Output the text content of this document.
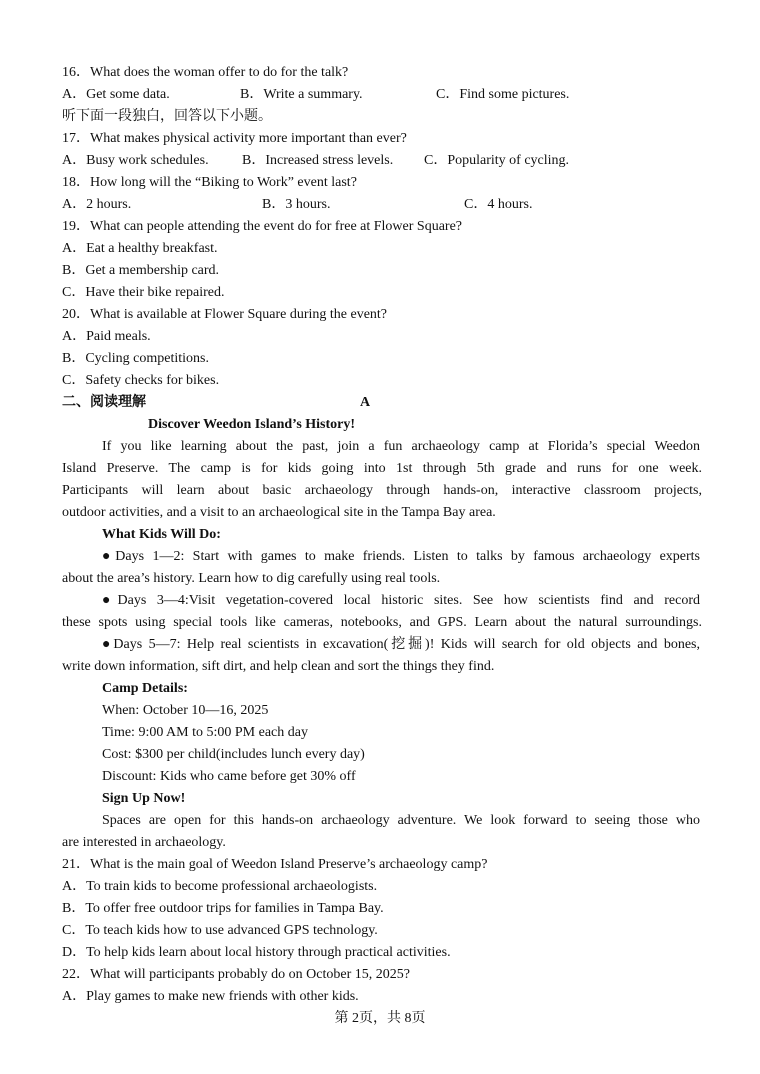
16．What does the woman offer to do for the talk?
A．Get some data.	B．Write a summary.	C．Find some pictures.
听下面一段独白，回答以下小题。
17．What makes physical activity more important than ever?
A．Busy work schedules. B．Increased stress levels. C．Popularity of cycling.
18．How long will the “Biking to Work” event last?
A．2 hours.	B．3 hours.	C．4 hours.
19．What can people attending the event do for free at Flower Square?
A．Eat a healthy breakfast.
B．Get a membership card.
C．Have their bike repaired.
20．What is available at Flower Square during the event?
A．Paid meals.
B．Cycling competitions.
C．Safety checks for bikes.
二、阅读理解	A
Discover Weedon Island’s History!
If you like learning about the past, join a fun archaeology camp at Florida’s special Weedon
Island Preserve. The camp is for kids going into 1st through 5th grade and runs for one week.
Participants will learn about basic archaeology through hands-on, interactive classroom projects,
outdoor activities, and a visit to an archaeological site in the Tampa Bay area.
What Kids Will Do:
●Days 1—2: Start with games to make friends. Listen to talks by famous archaeology experts
about the area’s history. Learn how to dig carefully using real tools.
●Days 3—4:Visit vegetation-covered local historic sites. See how scientists find and record
these spots using special tools like cameras, notebooks, and GPS. Learn about the natural surroundings.
●Days 5—7: Help real scientists in excavation(挖掘)! Kids will search for old objects and bones,
write down information, sift dirt, and help clean and sort the things they find.
Camp Details:
When: October 10—16, 2025
Time: 9:00 AM to 5:00 PM each day
Cost: $300 per child(includes lunch every day)
Discount: Kids who came before get 30% off
Sign Up Now!
Spaces are open for this hands-on archaeology adventure. We look forward to seeing those who
are interested in archaeology.
21．What is the main goal of Weedon Island Preserve’s archaeology camp?
A．To train kids to become professional archaeologists.
B．To offer free outdoor trips for families in Tampa Bay.
C．To teach kids how to use advanced GPS technology.
D．To help kids learn about local history through practical activities.
22．What will participants probably do on October 15, 2025?
A．Play games to make new friends with other kids.
第 2页，共 8页
